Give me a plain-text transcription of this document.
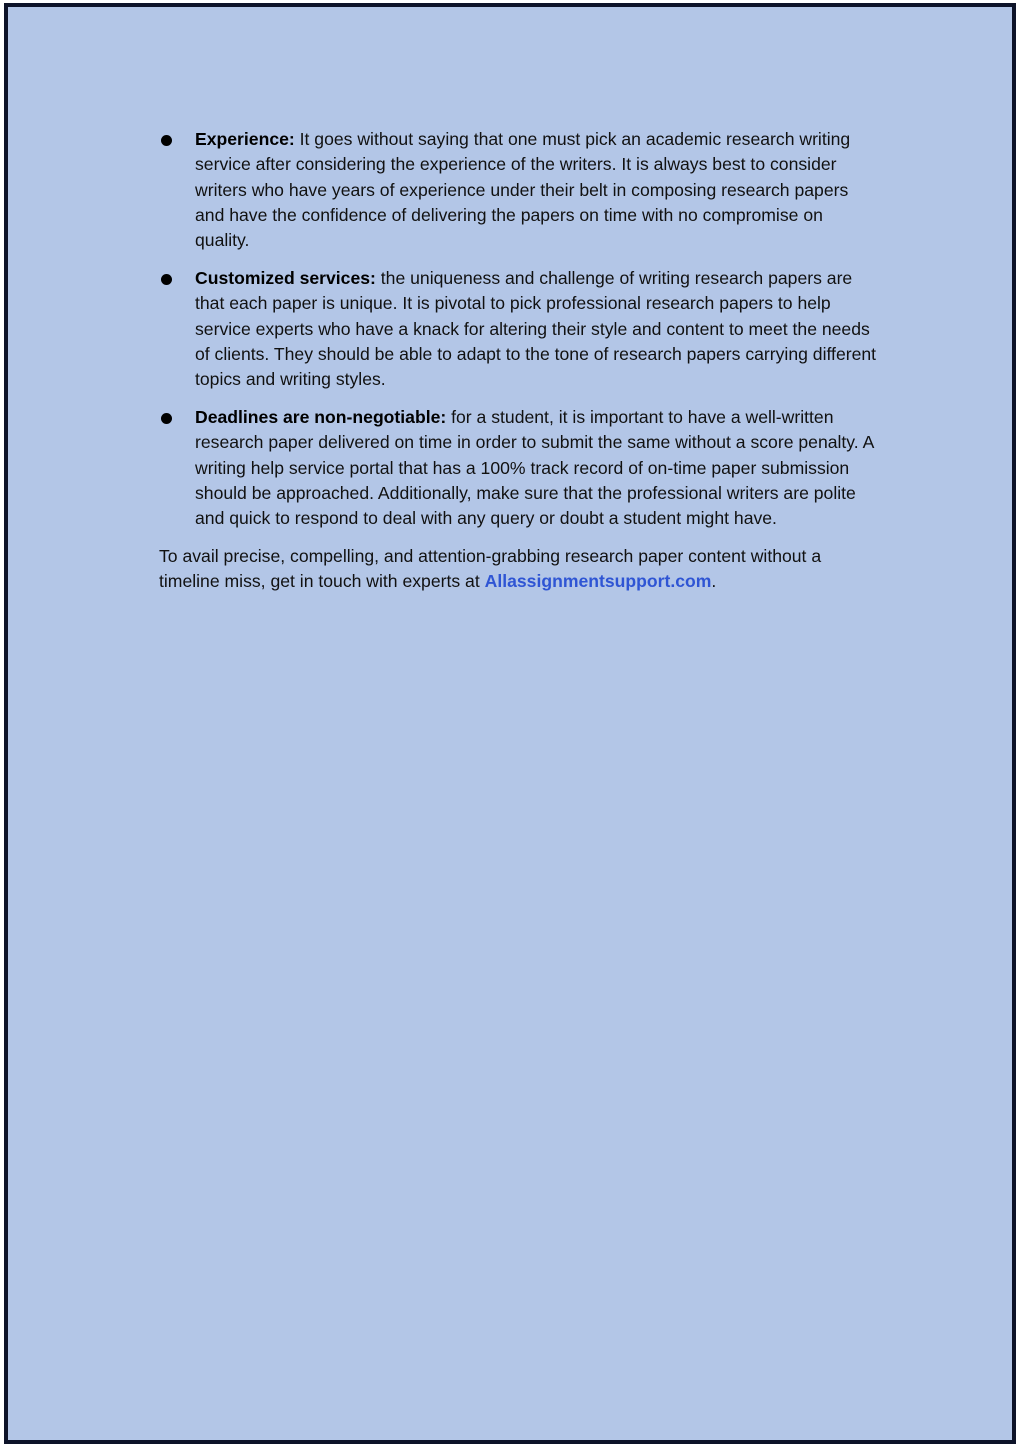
Experience: It goes without saying that one must pick an academic research writing service after considering the experience of the writers. It is always best to consider writers who have years of experience under their belt in composing research papers and have the confidence of delivering the papers on time with no compromise on quality.
Customized services: the uniqueness and challenge of writing research papers are that each paper is unique. It is pivotal to pick professional research papers to help service experts who have a knack for altering their style and content to meet the needs of clients. They should be able to adapt to the tone of research papers carrying different topics and writing styles.
Deadlines are non-negotiable: for a student, it is important to have a well-written research paper delivered on time in order to submit the same without a score penalty. A writing help service portal that has a 100% track record of on-time paper submission should be approached. Additionally, make sure that the professional writers are polite and quick to respond to deal with any query or doubt a student might have.

To avail precise, compelling, and attention-grabbing research paper content without a timeline miss, get in touch with experts at Allassignmentsupport.com.
